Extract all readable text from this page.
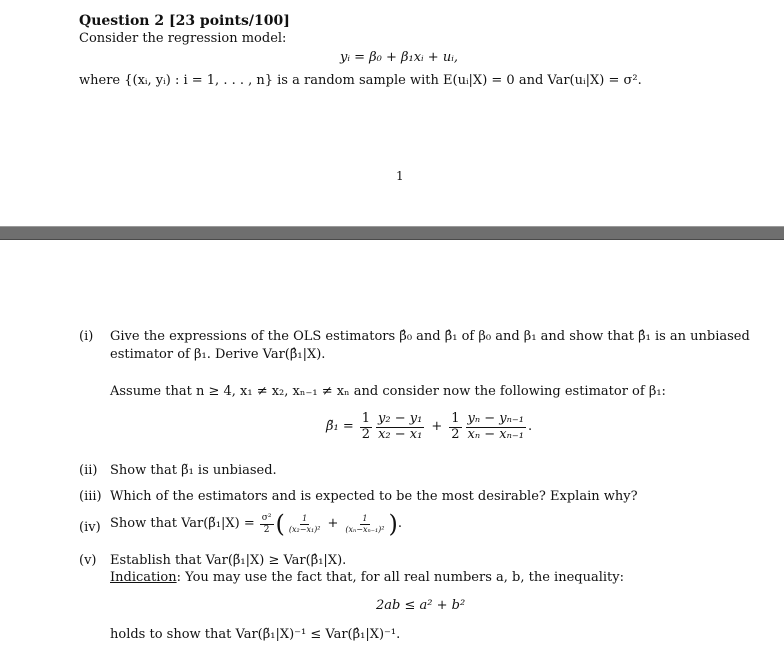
Question 2 [23 points/100]
Consider the regression model:
yᵢ = β₀ + β₁xᵢ + uᵢ,
where {(xᵢ, yᵢ) : i = 1, . . . , n} is a random sample with E(uᵢ|X) = 0 and Var(uᵢ|X) = σ².
1
(i) Give the expressions of the OLS estimators β̂₀ and β̂₁ of β₀ and β₁ and show that β̂₁ is an unbiased
estimator of β₁. Derive Var(β̂₁|X).
Assume that n ≥ 4, x₁ ≠ x₂, xₙ₋₁ ≠ xₙ and consider now the following estimator of β₁:
β̃₁ = $\frac{1}{2} \frac{\text{y₂ − y₁}}{\text{x₂ − x₁}} + \frac{1}{2} \frac{\text{yₙ − yₙ₋₁}}{\text{xₙ − xₙ₋₁}}$ .
(ii) Show that β̃₁ is unbiased.
(iii) Which of the estimators and is expected to be the most desirable? Explain why?
(iv) Show that Var(β̃₁|X) = $\frac{\text{σ²}}{2}$ ( $\frac{1}{\text{(x₂−x₁)²}} + \frac{1}{\text{(xₙ−xₙ₋₁)²}}$ ) .
(v) Establish that Var(β̃₁|X) ≥ Var(β̂₁|X).
Indication: You may use the fact that, for all real numbers a, b, the inequality:
2ab ≤ a² + b²
holds to show that Var(β̃₁|X)⁻¹ ≤ Var(β̂₁|X)⁻¹.
